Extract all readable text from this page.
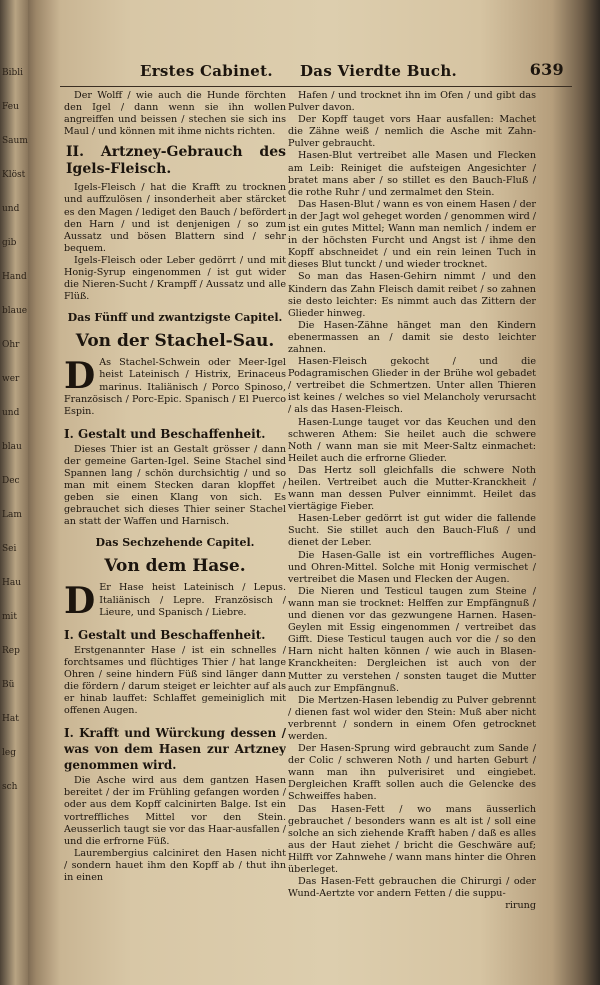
Bibli
Feu
Saum
Klöst
und
gib
Hand
blaue
Ohr
wer
und
blau
Dec
Lam
Sei
Hau
mit
Rep
Bü
Hat
leg
sch
Erstes Cabinet. Das Vierdte Buch.	639

Der Wolff / wie auch die Hunde förchten den Igel / dann wenn sie ihn wollen angreiffen und beissen / stechen sie sich ins Maul / und können mit ihme nichts richten.

II. Artzney-Gebrauch des Igels-Fleisch.

Igels-Fleisch / hat die Krafft zu trocknen und auffzulösen / insonderheit aber stärcket es den Magen / lediget den Bauch / befördert den Harn / und ist denjenigen / so zum Aussatz und bösen Blattern sind / sehr bequem.

Igels-Fleisch oder Leber gedörrt / und mit Honig-Syrup eingenommen / ist gut wider die Nieren-Sucht / Krampff / Aussatz und alle Flüß.

Das Fünff und zwantzigste Capitel.

Von der Stachel-Sau.

D As Stachel-Schwein oder Meer-Igel heist Lateinisch / Histrix, Erinaceus marinus. Italiänisch / Porco Spinoso, Französisch / Porc-Epic. Spanisch / El Puerco Espin.

I. Gestalt und Beschaffenheit.

Dieses Thier ist an Gestalt grösser / dann der gemeine Garten-Igel. Seine Stachel sind Spannen lang / schön durchsichtig / und so man mit einem Stecken daran klopffet / geben sie einen Klang von sich. Es gebrauchet sich dieses Thier seiner Stachel an statt der Waffen und Harnisch.

Das Sechzehende Capitel.

Von dem Hase.

D Er Hase heist Lateinisch / Lepus. Italiänisch / Lepre. Französisch / Lieure, und Spanisch / Liebre.

I. Gestalt und Beschaffenheit.

Erstgenannter Hase / ist ein schnelles / forchtsames und flüchtiges Thier / hat lange Ohren / seine hindern Füß sind länger dann die fördern / darum steiget er leichter auf als er hinab lauffet: Schlaffet gemeiniglich mit offenen Augen.

I. Krafft und Würckung dessen / was von dem Hasen zur Artzney genommen wird.

Die Asche wird aus dem gantzen Hasen bereitet / der im Frühling gefangen worden / oder aus dem Kopff calcinirten Balge. Ist ein vortreffliches Mittel vor den Stein. Aeusserlich taugt sie vor das Haar-ausfallen / und die erfrorne Füß.

Laurembergius calciniret den Hasen nicht / sondern hauet ihm den Kopff ab / thut ihn in einen

Hafen / und trocknet ihn im Ofen / und gibt das Pulver davon.

Der Kopff tauget vors Haar ausfallen: Machet die Zähne weiß / nemlich die Asche mit Zahn-Pulver gebraucht.

Hasen-Blut vertreibet alle Masen und Flecken am Leib: Reiniget die aufsteigen Angesichter / bratet mans aber / so stillet es den Bauch-Fluß / die rothe Ruhr / und zermalmet den Stein.

Das Hasen-Blut / wann es von einem Hasen / der in der Jagt wol geheget worden / genommen wird / ist ein gutes Mittel; Wann man nemlich / indem er in der höchsten Furcht und Angst ist / ihme den Kopff abschneidet / und ein rein leinen Tuch in dieses Blut tunckt / und wieder trocknet.

So man das Hasen-Gehirn nimmt / und den Kindern das Zahn Fleisch damit reibet / so zahnen sie desto leichter: Es nimmt auch das Zittern der Glieder hinweg.

Die Hasen-Zähne hänget man den Kindern ebenermassen an / damit sie desto leichter zahnen.

Hasen-Fleisch gekocht / und die Podagramischen Glieder in der Brühe wol gebadet / vertreibet die Schmertzen. Unter allen Thieren ist keines / welches so viel Melancholy verursacht / als das Hasen-Fleisch.

Hasen-Lunge tauget vor das Keuchen und den schweren Athem: Sie heilet auch die schwere Noth / wann man sie mit Meer-Saltz einmachet: Heilet auch die erfrorne Glieder.

Das Hertz soll gleichfalls die schwere Noth heilen. Vertreibet auch die Mutter-Kranckheit / wann man dessen Pulver einnimmt. Heilet das viertägige Fieber.

Hasen-Leber gedörrt ist gut wider die fallende Sucht. Sie stillet auch den Bauch-Fluß / und dienet der Leber.

Die Hasen-Galle ist ein vortreffliches Augen- und Ohren-Mittel. Solche mit Honig vermischet / vertreibet die Masen und Flecken der Augen.

Die Nieren und Testicul taugen zum Steine / wann man sie trocknet: Helffen zur Empfängnuß / und dienen vor das gezwungene Harnen. Hasen-Geylen mit Essig eingenommen / vertreibet das Gifft. Diese Testicul taugen auch vor die / so den Harn nicht halten können / wie auch in Blasen-Kranckheiten: Dergleichen ist auch von der Mutter zu verstehen / sonsten tauget die Mutter auch zur Empfängnuß.

Die Mertzen-Hasen lebendig zu Pulver gebrennt / dienen fast wol wider den Stein: Muß aber nicht verbrennt / sondern in einem Ofen getrocknet werden.

Der Hasen-Sprung wird gebraucht zum Sande / der Colic / schweren Noth / und harten Geburt / wann man ihn pulverisiret und eingiebet. Dergleichen Krafft sollen auch die Gelencke des Schweiffes haben.

Das Hasen-Fett / wo mans äusserlich gebrauchet / besonders wann es alt ist / soll eine solche an sich ziehende Krafft haben / daß es alles aus der Haut ziehet / bricht die Geschwäre auf; Hilfft vor Zahnwehe / wann mans hinter die Ohren überleget.

Das Hasen-Fett gebrauchen die Chirurgi / oder Wund-Aertzte vor andern Fetten / die suppu-

rirung
